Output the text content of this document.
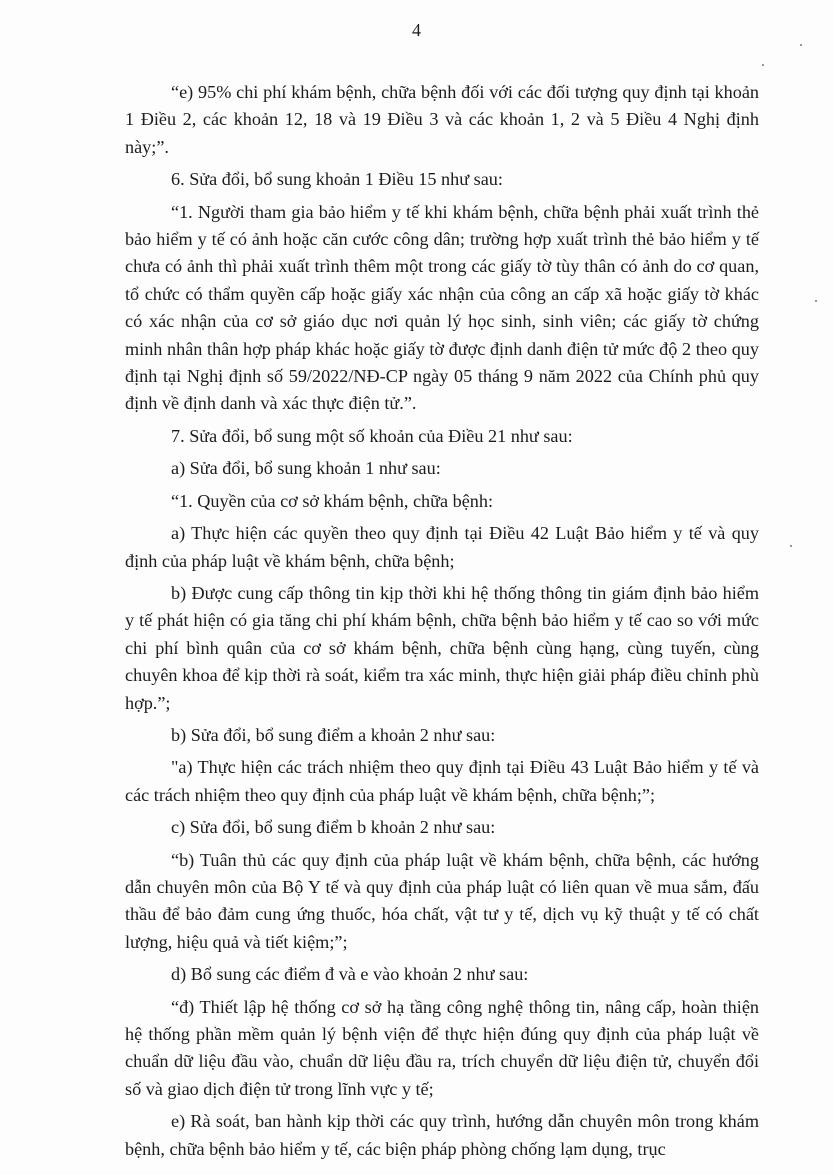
4

“e) 95% chi phí khám bệnh, chữa bệnh đối với các đối tượng quy định tại khoản 1 Điều 2, các khoản 12, 18 và 19 Điều 3 và các khoản 1, 2 và 5 Điều 4 Nghị định này;”.

6. Sửa đổi, bổ sung khoản 1 Điều 15 như sau:

“1. Người tham gia bảo hiểm y tế khi khám bệnh, chữa bệnh phải xuất trình thẻ bảo hiểm y tế có ảnh hoặc căn cước công dân; trường hợp xuất trình thẻ bảo hiểm y tế chưa có ảnh thì phải xuất trình thêm một trong các giấy tờ tùy thân có ảnh do cơ quan, tổ chức có thẩm quyền cấp hoặc giấy xác nhận của công an cấp xã hoặc giấy tờ khác có xác nhận của cơ sở giáo dục nơi quản lý học sinh, sinh viên; các giấy tờ chứng minh nhân thân hợp pháp khác hoặc giấy tờ được định danh điện tử mức độ 2 theo quy định tại Nghị định số 59/2022/NĐ-CP ngày 05 tháng 9 năm 2022 của Chính phủ quy định về định danh và xác thực điện tử.”.

7. Sửa đổi, bổ sung một số khoản của Điều 21 như sau:

a) Sửa đổi, bổ sung khoản 1 như sau:

“1. Quyền của cơ sở khám bệnh, chữa bệnh:

a) Thực hiện các quyền theo quy định tại Điều 42 Luật Bảo hiểm y tế và quy định của pháp luật về khám bệnh, chữa bệnh;

b) Được cung cấp thông tin kịp thời khi hệ thống thông tin giám định bảo hiểm y tế phát hiện có gia tăng chi phí khám bệnh, chữa bệnh bảo hiểm y tế cao so với mức chi phí bình quân của cơ sở khám bệnh, chữa bệnh cùng hạng, cùng tuyến, cùng chuyên khoa để kịp thời rà soát, kiểm tra xác minh, thực hiện giải pháp điều chỉnh phù hợp.”;

b) Sửa đổi, bổ sung điểm a khoản 2 như sau:

"a) Thực hiện các trách nhiệm theo quy định tại Điều 43 Luật Bảo hiểm y tế và các trách nhiệm theo quy định của pháp luật về khám bệnh, chữa bệnh;”;

c) Sửa đổi, bổ sung điểm b khoản 2 như sau:

“b) Tuân thủ các quy định của pháp luật về khám bệnh, chữa bệnh, các hướng dẫn chuyên môn của Bộ Y tế và quy định của pháp luật có liên quan về mua sắm, đấu thầu để bảo đảm cung ứng thuốc, hóa chất, vật tư y tế, dịch vụ kỹ thuật y tế có chất lượng, hiệu quả và tiết kiệm;”;

d) Bổ sung các điểm đ và e vào khoản 2 như sau:

“đ) Thiết lập hệ thống cơ sở hạ tầng công nghệ thông tin, nâng cấp, hoàn thiện hệ thống phần mềm quản lý bệnh viện để thực hiện đúng quy định của pháp luật về chuẩn dữ liệu đầu vào, chuẩn dữ liệu đầu ra, trích chuyển dữ liệu điện tử, chuyển đổi số và giao dịch điện tử trong lĩnh vực y tế;

e) Rà soát, ban hành kịp thời các quy trình, hướng dẫn chuyên môn trong khám bệnh, chữa bệnh bảo hiểm y tế, các biện pháp phòng chống lạm dụng, trục
